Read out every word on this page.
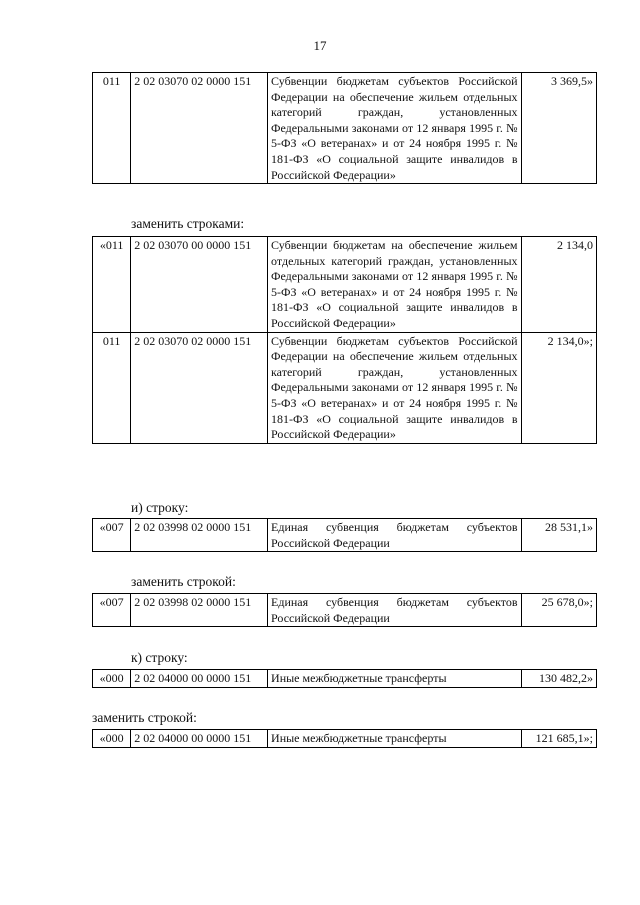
17
011	2 02 03070 02 0000 151	Субвенции бюджетам субъектов Российской Федерации на обеспечение жильем отдельных категорий граждан, установленных Федеральными законами от 12 января 1995 г. № 5-ФЗ «О ветеранах» и от 24 ноября 1995 г. № 181-ФЗ «О социальной защите инвалидов в Российской Федерации»	3 369,5»
заменить строками:
«011	2 02 03070 00 0000 151	Субвенции бюджетам на обеспечение жильем отдельных категорий граждан, установленных Федеральными законами от 12 января 1995 г. № 5-ФЗ «О ветеранах» и от 24 ноября 1995 г. № 181-ФЗ «О социальной защите инвалидов в Российской Федерации»	2 134,0
011	2 02 03070 02 0000 151	Субвенции бюджетам субъектов Российской Федерации на обеспечение жильем отдельных категорий граждан, установленных Федеральными законами от 12 января 1995 г. № 5-ФЗ «О ветеранах» и от 24 ноября 1995 г. № 181-ФЗ «О социальной защите инвалидов в Российской Федерации»	2 134,0»;
и) строку:
«007	2 02 03998 02 0000 151	Единая субвенция бюджетам субъектов Российской Федерации	28 531,1»
заменить строкой:
«007	2 02 03998 02 0000 151	Единая субвенция бюджетам субъектов Российской Федерации	25 678,0»;
к) строку:
«000	2 02 04000 00 0000 151	Иные межбюджетные трансферты	130 482,2»
заменить строкой:
«000	2 02 04000 00 0000 151	Иные межбюджетные трансферты	121 685,1»;
